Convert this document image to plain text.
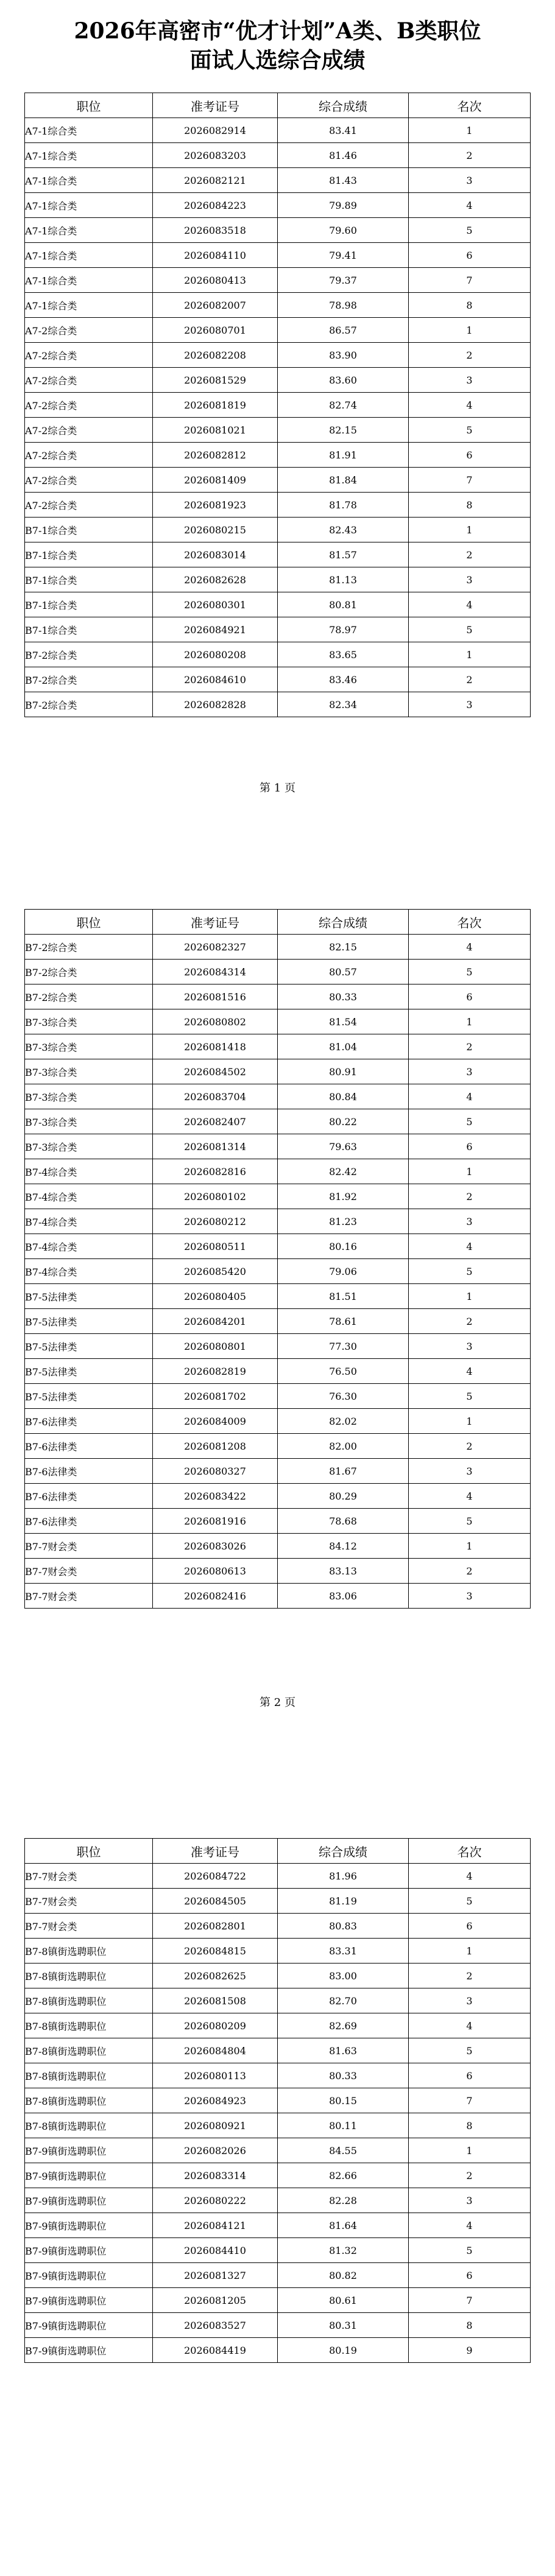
2026年高密市“优才计划”A类、B类职位
面试人选综合成绩
职位	准考证号	综合成绩	名次
A7-1综合类	2026082914	83.41	1
A7-1综合类	2026083203	81.46	2
A7-1综合类	2026082121	81.43	3
A7-1综合类	2026084223	79.89	4
A7-1综合类	2026083518	79.60	5
A7-1综合类	2026084110	79.41	6
A7-1综合类	2026080413	79.37	7
A7-1综合类	2026082007	78.98	8
A7-2综合类	2026080701	86.57	1
A7-2综合类	2026082208	83.90	2
A7-2综合类	2026081529	83.60	3
A7-2综合类	2026081819	82.74	4
A7-2综合类	2026081021	82.15	5
A7-2综合类	2026082812	81.91	6
A7-2综合类	2026081409	81.84	7
A7-2综合类	2026081923	81.78	8
B7-1综合类	2026080215	82.43	1
B7-1综合类	2026083014	81.57	2
B7-1综合类	2026082628	81.13	3
B7-1综合类	2026080301	80.81	4
B7-1综合类	2026084921	78.97	5
B7-2综合类	2026080208	83.65	1
B7-2综合类	2026084610	83.46	2
B7-2综合类	2026082828	82.34	3
第 1 页
职位	准考证号	综合成绩	名次
B7-2综合类	2026082327	82.15	4
B7-2综合类	2026084314	80.57	5
B7-2综合类	2026081516	80.33	6
B7-3综合类	2026080802	81.54	1
B7-3综合类	2026081418	81.04	2
B7-3综合类	2026084502	80.91	3
B7-3综合类	2026083704	80.84	4
B7-3综合类	2026082407	80.22	5
B7-3综合类	2026081314	79.63	6
B7-4综合类	2026082816	82.42	1
B7-4综合类	2026080102	81.92	2
B7-4综合类	2026080212	81.23	3
B7-4综合类	2026080511	80.16	4
B7-4综合类	2026085420	79.06	5
B7-5法律类	2026080405	81.51	1
B7-5法律类	2026084201	78.61	2
B7-5法律类	2026080801	77.30	3
B7-5法律类	2026082819	76.50	4
B7-5法律类	2026081702	76.30	5
B7-6法律类	2026084009	82.02	1
B7-6法律类	2026081208	82.00	2
B7-6法律类	2026080327	81.67	3
B7-6法律类	2026083422	80.29	4
B7-6法律类	2026081916	78.68	5
B7-7财会类	2026083026	84.12	1
B7-7财会类	2026080613	83.13	2
B7-7财会类	2026082416	83.06	3
第 2 页
职位	准考证号	综合成绩	名次
B7-7财会类	2026084722	81.96	4
B7-7财会类	2026084505	81.19	5
B7-7财会类	2026082801	80.83	6
B7-8镇街选聘职位	2026084815	83.31	1
B7-8镇街选聘职位	2026082625	83.00	2
B7-8镇街选聘职位	2026081508	82.70	3
B7-8镇街选聘职位	2026080209	82.69	4
B7-8镇街选聘职位	2026084804	81.63	5
B7-8镇街选聘职位	2026080113	80.33	6
B7-8镇街选聘职位	2026084923	80.15	7
B7-8镇街选聘职位	2026080921	80.11	8
B7-9镇街选聘职位	2026082026	84.55	1
B7-9镇街选聘职位	2026083314	82.66	2
B7-9镇街选聘职位	2026080222	82.28	3
B7-9镇街选聘职位	2026084121	81.64	4
B7-9镇街选聘职位	2026084410	81.32	5
B7-9镇街选聘职位	2026081327	80.82	6
B7-9镇街选聘职位	2026081205	80.61	7
B7-9镇街选聘职位	2026083527	80.31	8
B7-9镇街选聘职位	2026084419	80.19	9
